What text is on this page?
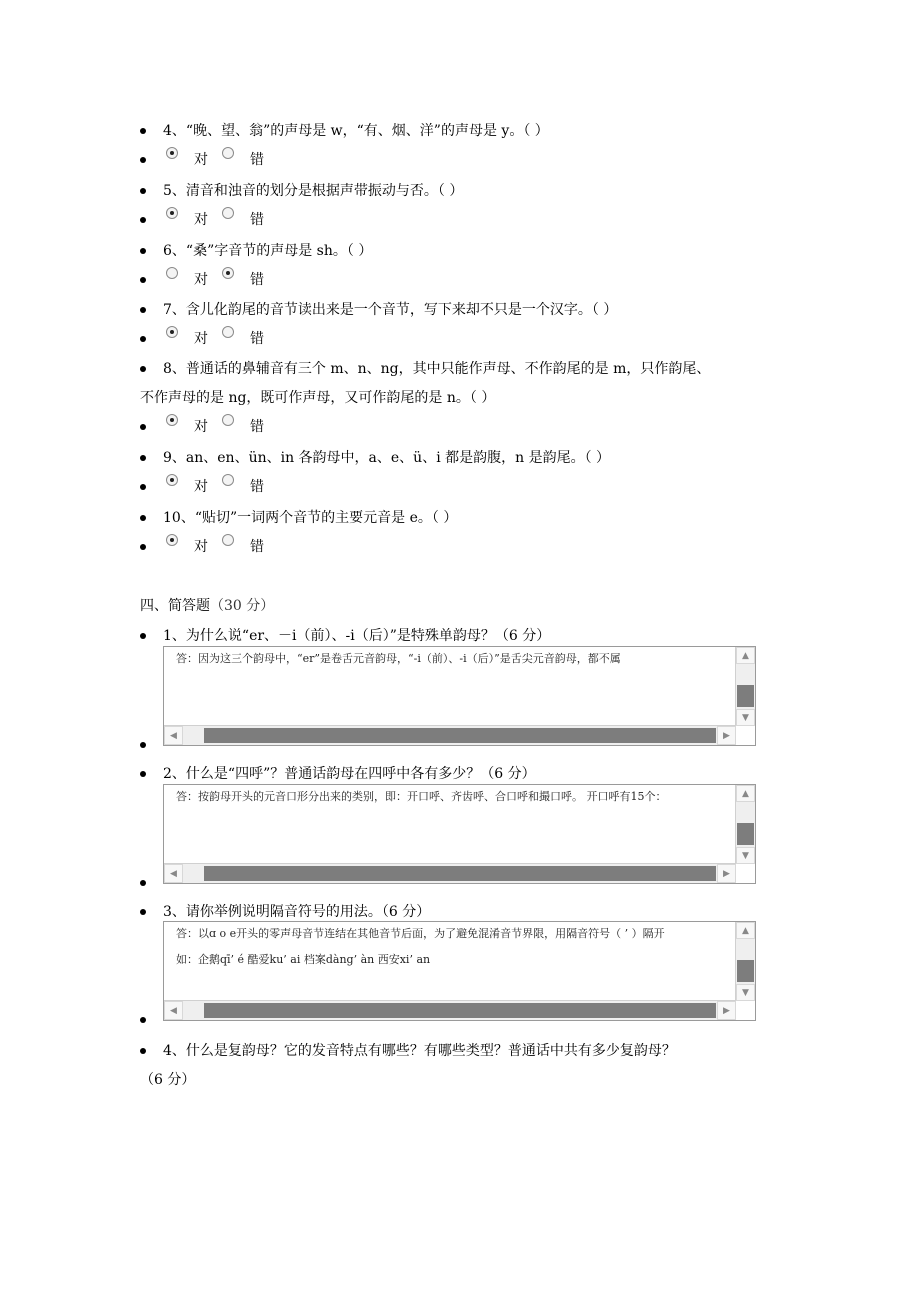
4、“晚、望、翁”的声母是 w，“有、烟、洋”的声母是 y。（ ）
对	错
5、清音和浊音的划分是根据声带振动与否。（ ）
对	错
6、“桑”字音节的声母是 sh。（ ）
对	错
7、含儿化韵尾的音节读出来是一个音节，写下来却不只是一个汉字。（ ）
对	错
8、普通话的鼻辅音有三个 m、n、ng，其中只能作声母、不作韵尾的是 m，只作韵尾、
不作声母的是 ng，既可作声母，又可作韵尾的是 n。（ ）
对	错
9、an、en、ün、in 各韵母中，a、e、ü、i 都是韵腹，n 是韵尾。（ ）
对	错
10、“贴切”一词两个音节的主要元音是 e。（ ）
对	错
四、简答题（30 分）
1、为什么说“er、－i（前）、-i（后）”是特殊单韵母？（6 分）
答：因为这三个韵母中，“er”是卷舌元音韵母，“-i（前）、-i（后）”是舌尖元音韵母，都不属	▲
▼
◀	▶
2、什么是“四呼”？普通话韵母在四呼中各有多少？（6 分）
答：按韵母开头的元音口形分出来的类别，即：开口呼、齐齿呼、合口呼和撮口呼。 开口呼有15个：	▲
▼
◀	▶
3、请你举例说明隔音符号的用法。（6 分）
答：以ɑ o e开头的零声母音节连结在其他音节后面，为了避免混淆音节界限，用隔音符号（ ’ ）隔开
如：企鹅qī’ é 酷爱ku’ ai 档案dàng’ àn 西安xi’ an
▲
▼
◀	▶
4、什么是复韵母？它的发音特点有哪些？有哪些类型？普通话中共有多少复韵母？
（6 分）
